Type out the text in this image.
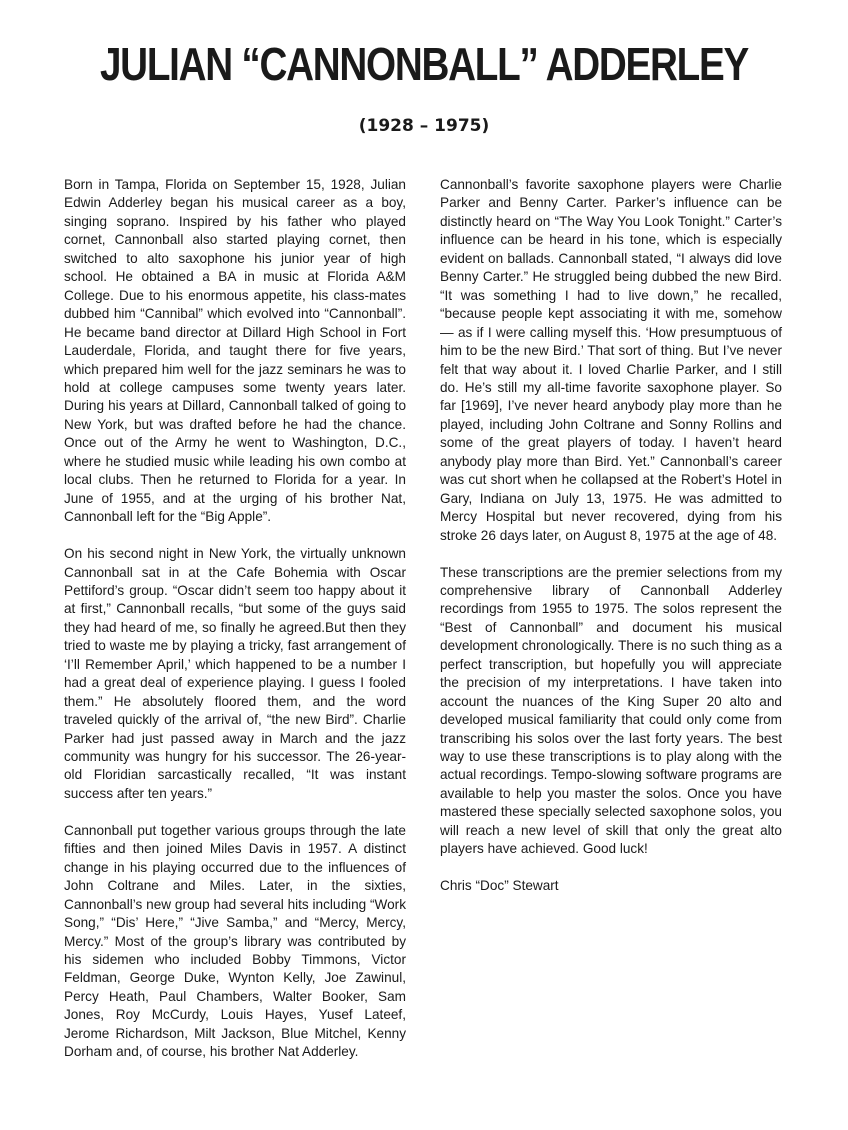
JULIAN “CANNONBALL” ADDERLEY
(1928 – 1975)

Born in Tampa, Florida on September 15, 1928, Julian Edwin Adderley began his musical career as a boy, singing soprano. Inspired by his father who played cornet, Cannonball also started playing cornet, then switched to alto saxophone his junior year of high school. He obtained a BA in music at Florida A&M College. Due to his enormous appetite, his class-mates dubbed him “Cannibal” which evolved into “Cannonball”. He became band director at Dillard High School in Fort Lauderdale, Florida, and taught there for five years, which prepared him well for the jazz seminars he was to hold at college campuses some twenty years later. During his years at Dillard, Cannonball talked of going to New York, but was drafted before he had the chance. Once out of the Army he went to Washington, D.C., where he studied music while leading his own combo at local clubs. Then he returned to Florida for a year. In June of 1955, and at the urging of his brother Nat, Cannonball left for the “Big Apple”.

On his second night in New York, the virtually unknown Cannonball sat in at the Cafe Bohemia with Oscar Pettiford’s group. “Oscar didn’t seem too happy about it at first,” Cannonball recalls, “but some of the guys said they had heard of me, so finally he agreed.But then they tried to waste me by playing a tricky, fast arrangement of ‘I’ll Remember April,’ which happened to be a number I had a great deal of experience playing. I guess I fooled them.” He absolutely floored them, and the word traveled quickly of the arrival of, “the new Bird”. Charlie Parker had just passed away in March and the jazz community was hungry for his successor. The 26-year-old Floridian sarcastically recalled, “It was instant success after ten years.”

Cannonball put together various groups through the late fifties and then joined Miles Davis in 1957. A distinct change in his playing occurred due to the influences of John Coltrane and Miles. Later, in the sixties, Cannonball’s new group had several hits including “Work Song,” “Dis’ Here,” “Jive Samba,” and “Mercy, Mercy, Mercy.” Most of the group’s library was contributed by his sidemen who included Bobby Timmons, Victor Feldman, George Duke, Wynton Kelly, Joe Zawinul, Percy Heath, Paul Chambers, Walter Booker, Sam Jones, Roy McCurdy, Louis Hayes, Yusef Lateef, Jerome Richardson, Milt Jackson, Blue Mitchel, Kenny Dorham and, of course, his brother Nat Adderley.

Cannonball’s favorite saxophone players were Charlie Parker and Benny Carter. Parker’s influence can be distinctly heard on “The Way You Look Tonight.” Carter’s influence can be heard in his tone, which is especially evident on ballads. Cannonball stated, “I always did love Benny Carter.” He struggled being dubbed the new Bird. “It was something I had to live down,” he recalled, “because people kept associating it with me, somehow— as if I were calling myself this. ‘How presumptuous of him to be the new Bird.’ That sort of thing. But I’ve never felt that way about it. I loved Charlie Parker, and I still do. He’s still my all-time favorite saxophone player. So far [1969], I’ve never heard anybody play more than he played, including John Coltrane and Sonny Rollins and some of the great players of today. I haven’t heard anybody play more than Bird. Yet.” Cannonball’s career was cut short when he collapsed at the Robert’s Hotel in Gary, Indiana on July 13, 1975. He was admitted to Mercy Hospital but never recovered, dying from his stroke 26 days later, on August 8, 1975 at the age of 48.

These transcriptions are the premier selections from my comprehensive library of Cannonball Adderley recordings from 1955 to 1975. The solos represent the “Best of Cannonball” and document his musical development chronologically. There is no such thing as a perfect transcription, but hopefully you will appreciate the precision of my interpretations. I have taken into account the nuances of the King Super 20 alto and developed musical familiarity that could only come from transcribing his solos over the last forty years. The best way to use these transcriptions is to play along with the actual recordings. Tempo-slowing software programs are available to help you master the solos. Once you have mastered these specially selected saxophone solos, you will reach a new level of skill that only the great alto players have achieved. Good luck!

Chris “Doc” Stewart
